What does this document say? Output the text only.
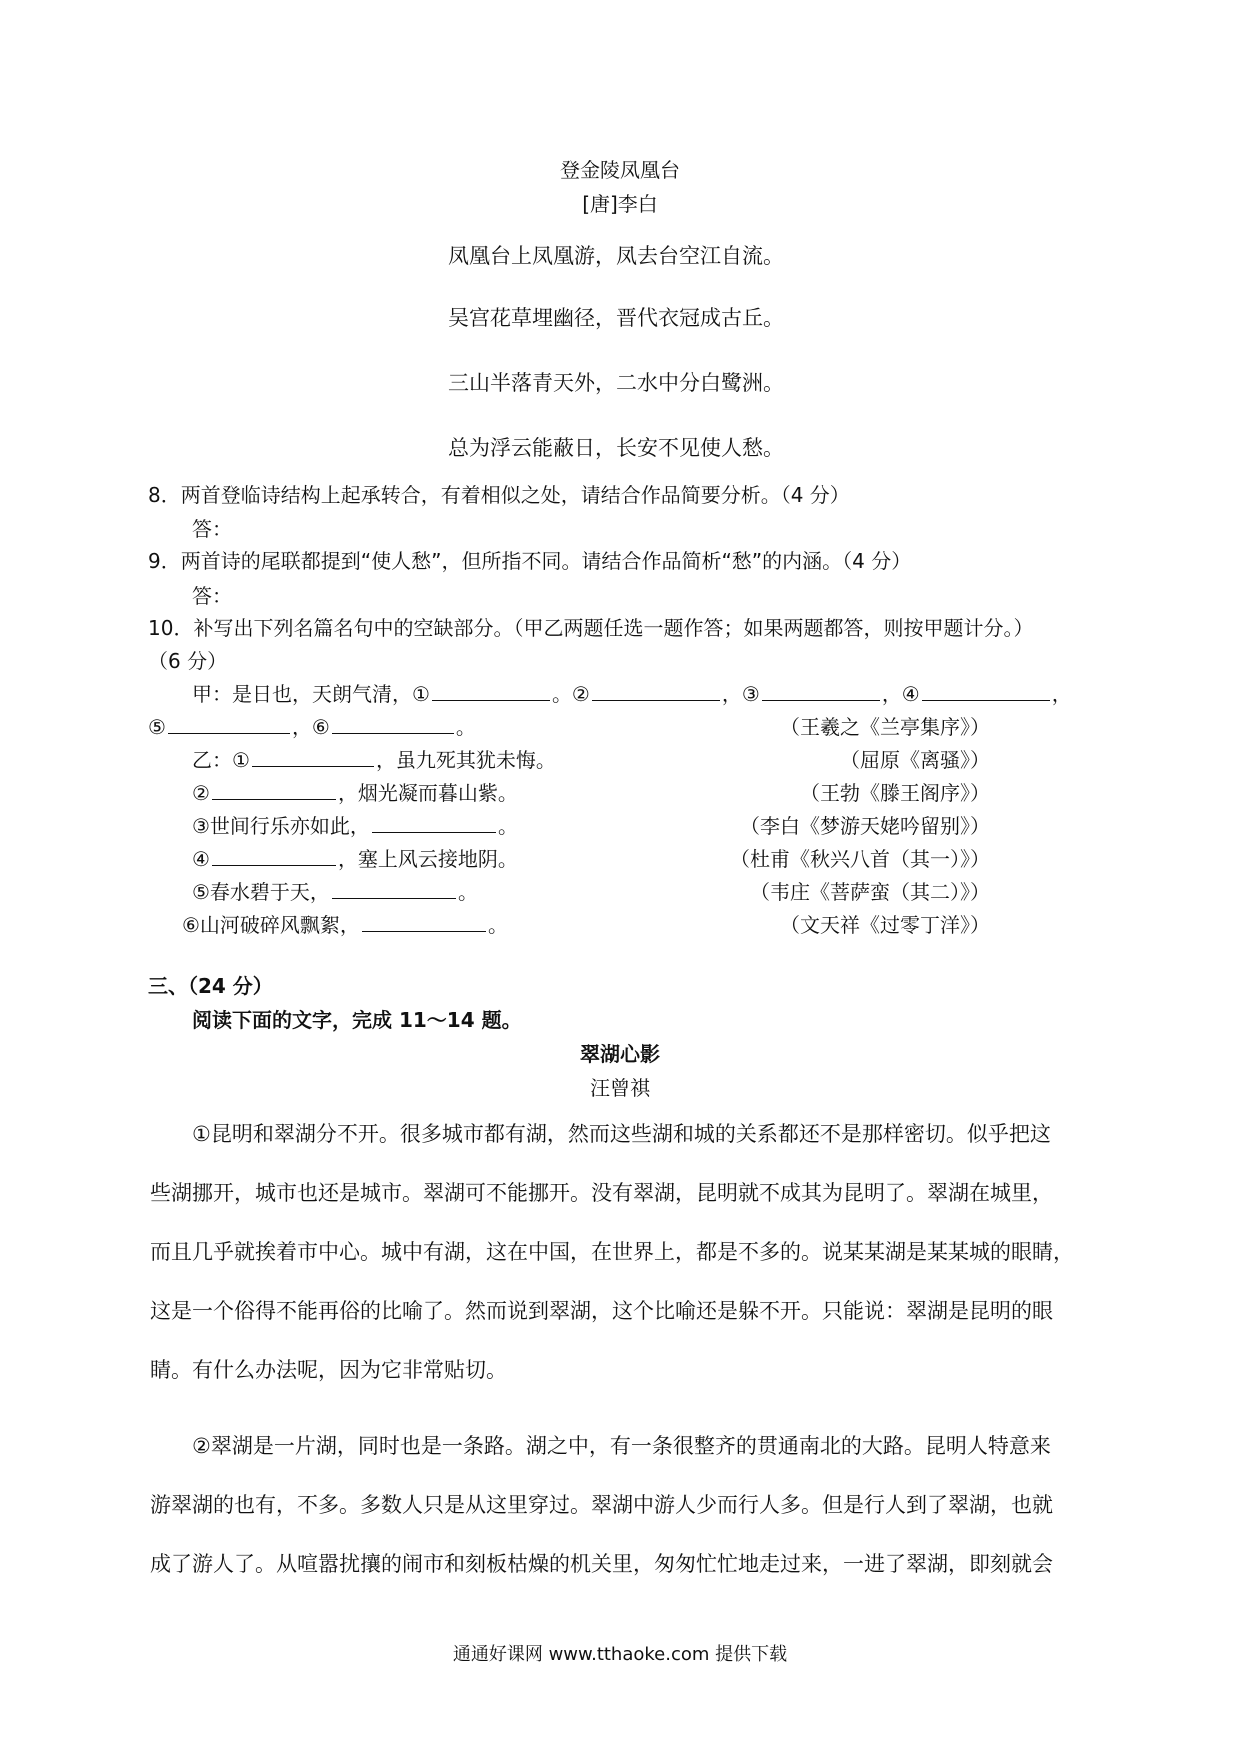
登金陵凤凰台
[唐]李白
凤凰台上凤凰游，凤去台空江自流。
吴宫花草埋幽径，晋代衣冠成古丘。
三山半落青天外，二水中分白鹭洲。
总为浮云能蔽日，长安不见使人愁。
8．两首登临诗结构上起承转合，有着相似之处，请结合作品简要分析。（4 分）
答：
9．两首诗的尾联都提到“使人愁”，但所指不同。请结合作品简析“愁”的内涵。（4 分）
答：
10．补写出下列名篇名句中的空缺部分。（甲乙两题任选一题作答；如果两题都答，则按甲题计分。）
（6 分）
甲：是日也，天朗气清，①	。②	，③	，④	，
⑤	，⑥	。	（王羲之《兰亭集序》）
乙：①	，虽九死其犹未悔。	（屈原《离骚》）
②	，烟光凝而暮山紫。	（王勃《滕王阁序》）
③世间行乐亦如此，	。	（李白《梦游天姥吟留别》）
④	，塞上风云接地阴。	（杜甫《秋兴八首（其一）》）
⑤春水碧于天，	。	（韦庄《菩萨蛮（其二）》）
⑥山河破碎风飘絮，	。	（文天祥《过零丁洋》）
三、（24 分）
阅读下面的文字，完成 11～14 题。
翠湖心影
汪曾祺
①昆明和翠湖分不开。很多城市都有湖，然而这些湖和城的关系都还不是那样密切。似乎把这
些湖挪开，城市也还是城市。翠湖可不能挪开。没有翠湖，昆明就不成其为昆明了。翠湖在城里，
而且几乎就挨着市中心。城中有湖，这在中国，在世界上，都是不多的。说某某湖是某某城的眼睛，
这是一个俗得不能再俗的比喻了。然而说到翠湖，这个比喻还是躲不开。只能说：翠湖是昆明的眼
睛。有什么办法呢，因为它非常贴切。
②翠湖是一片湖，同时也是一条路。湖之中，有一条很整齐的贯通南北的大路。昆明人特意来
游翠湖的也有，不多。多数人只是从这里穿过。翠湖中游人少而行人多。但是行人到了翠湖，也就
成了游人了。从喧嚣扰攘的闹市和刻板枯燥的机关里，匆匆忙忙地走过来，一进了翠湖，即刻就会
通通好课网 www.tthaoke.com 提供下载
